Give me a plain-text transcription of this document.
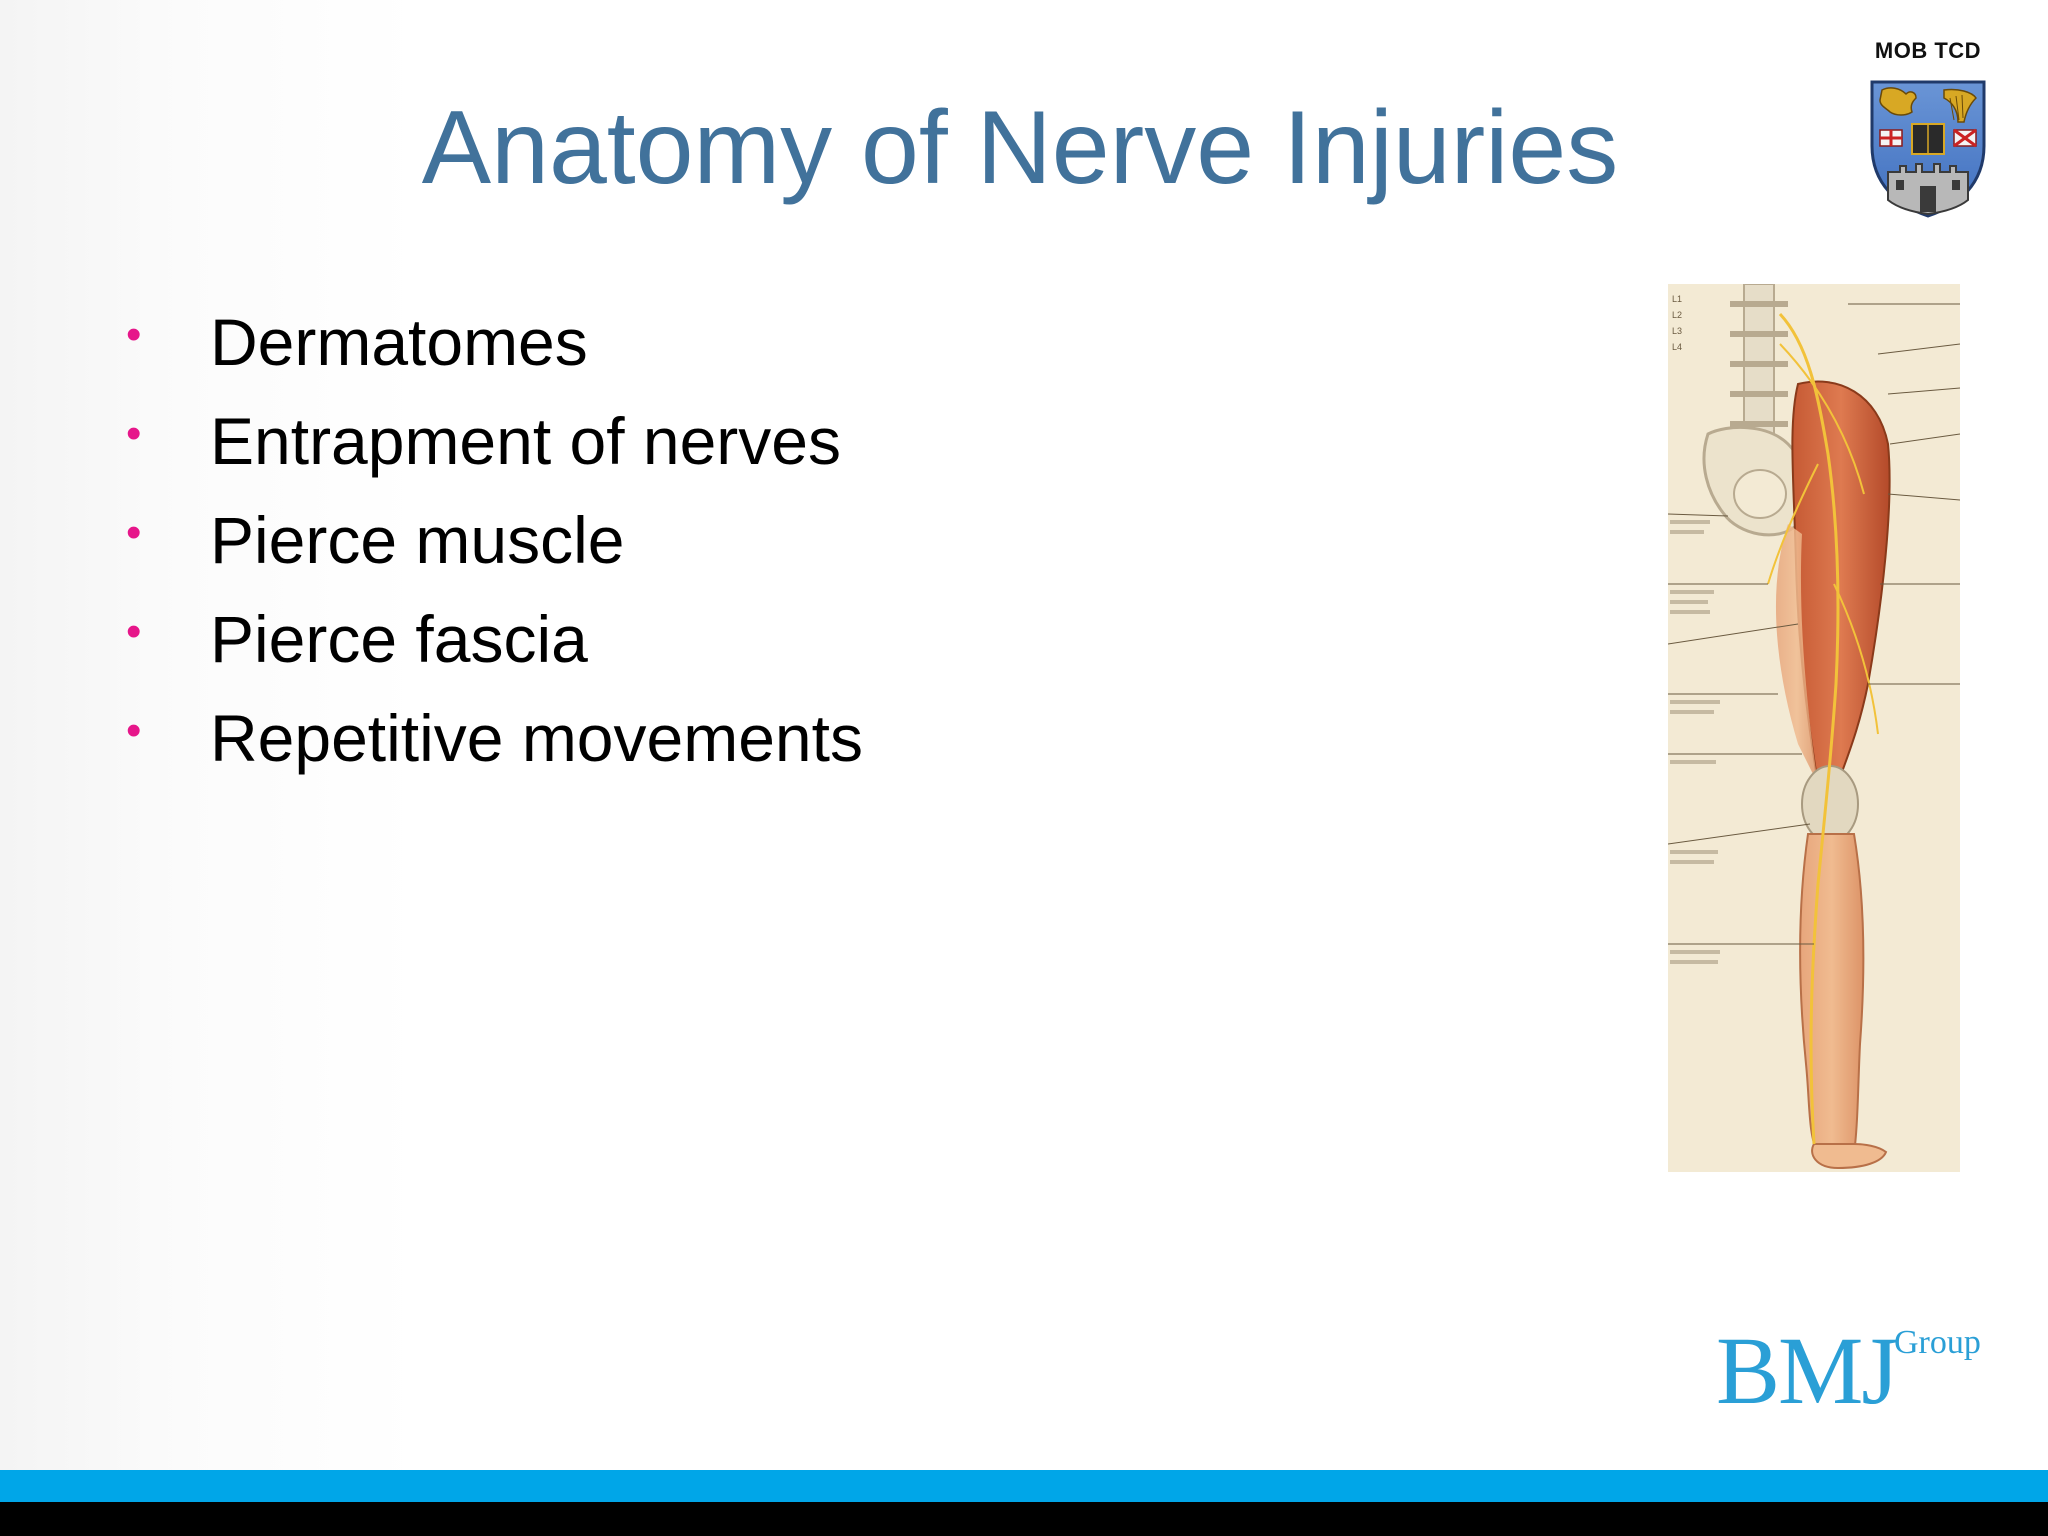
MOB TCD
Anatomy of Nerve Injuries
•	Dermatomes
•	Entrapment of nerves
•	Pierce muscle
•	Pierce fascia
•	Repetitive movements
L1
L2
L3
L4
BMJ
Group
